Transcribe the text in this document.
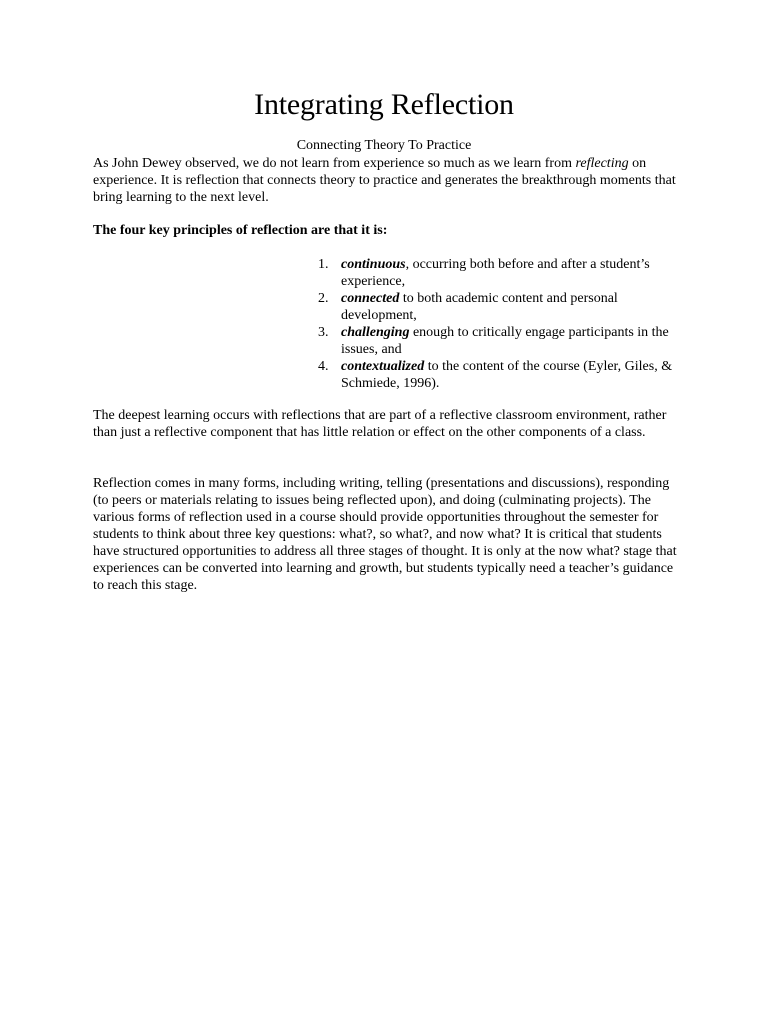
Integrating Reflection

Connecting Theory To Practice

As John Dewey observed, we do not learn from experience so much as we learn from reflecting on experience. It is reflection that connects theory to practice and generates the breakthrough moments that bring learning to the next level.

The four key principles of reflection are that it is:

1. continuous, occurring both before and after a student’s experience,
2. connected to both academic content and personal development,
3. challenging enough to critically engage participants in the issues, and
4. contextualized to the content of the course (Eyler, Giles, & Schmiede, 1996).

The deepest learning occurs with reflections that are part of a reflective classroom environment, rather than just a reflective component that has little relation or effect on the other components of a class.

Reflection comes in many forms, including writing, telling (presentations and discussions), responding (to peers or materials relating to issues being reflected upon), and doing (culminating projects). The various forms of reflection used in a course should provide opportunities throughout the semester for students to think about three key questions: what?, so what?, and now what? It is critical that students have structured opportunities to address all three stages of thought. It is only at the now what? stage that experiences can be converted into learning and growth, but students typically need a teacher’s guidance to reach this stage.
